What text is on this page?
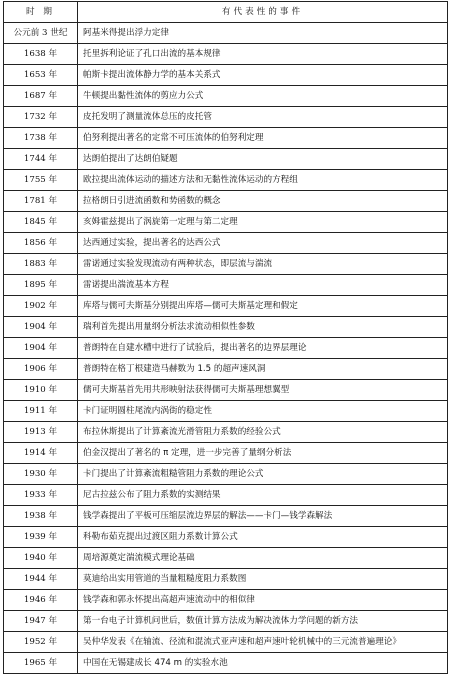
时 期	有代表性的事件
公元前 3 世纪	阿基米得提出浮力定律
1638 年	托里拆利论证了孔口出流的基本规律
1653 年	帕斯卡提出流体静力学的基本关系式
1687 年	牛顿提出黏性流体的剪应力公式
1732 年	皮托发明了测量流体总压的皮托管
1738 年	伯努利提出著名的定常不可压流体的伯努利定理
1744 年	达朗伯提出了达朗伯疑题
1755 年	欧拉提出流体运动的描述方法和无黏性流体运动的方程组
1781 年	拉格朗日引进流函数和势函数的概念
1845 年	亥姆霍兹提出了涡旋第一定理与第二定理
1856 年	达西通过实验，提出著名的达西公式
1883 年	雷诺通过实验发现流动有两种状态，即层流与湍流
1895 年	雷诺提出湍流基本方程
1902 年	库塔与儒可夫斯基分别提出库塔—儒可夫斯基定理和假定
1904 年	瑞利首先提出用量纲分析法求流动相似性参数
1904 年	普朗特在自建水槽中进行了试验后，提出著名的边界层理论
1906 年	普朗特在格丁根建造马赫数为 1.5 的超声速风洞
1910 年	儒可夫斯基首先用共形映射法获得儒可夫斯基理想翼型
1911 年	卡门证明圆柱尾流内涡街的稳定性
1913 年	布拉休斯提出了计算紊流光滑管阻力系数的经验公式
1914 年	伯金汉提出了著名的 π 定理，进一步完善了量纲分析法
1930 年	卡门提出了计算紊流粗糙管阻力系数的理论公式
1933 年	尼古拉兹公布了阻力系数的实测结果
1938 年	钱学森提出了平板可压缩层流边界层的解法——卡门—钱学森解法
1939 年	科勒布茹克提出过渡区阻力系数计算公式
1940 年	周培源奠定湍流模式理论基础
1944 年	莫迪给出实用管道的当量粗糙度阻力系数图
1946 年	钱学森和郭永怀提出高超声速流动中的相似律
1947 年	第一台电子计算机问世后，数值计算方法成为解决流体力学问题的新方法
1952 年	吴仲华发表《在轴流、径流和混流式亚声速和超声速叶轮机械中的三元流普遍理论》
1965 年	中国在无锡建成长 474 m 的实验水池
